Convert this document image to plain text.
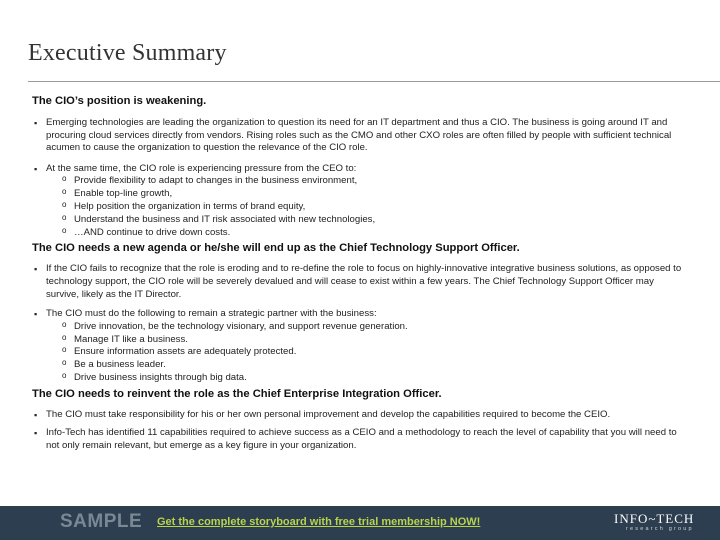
Executive Summary
The CIO’s position is weakening.
▪ Emerging technologies are leading the organization to question its need for an IT department and thus a CIO. The business is going around IT and procuring cloud services directly from vendors. Rising roles such as the CMO and other CXO roles are often filled by people with sufficient technical acumen to cause the organization to question the relevance of the CIO role.
▪ At the same time, the CIO role is experiencing pressure from the CEO to:
o Provide flexibility to adapt to changes in the business environment,
o Enable top-line growth,
o Help position the organization in terms of brand equity,
o Understand the business and IT risk associated with new technologies,
o …AND continue to drive down costs.
The CIO needs a new agenda or he/she will end up as the Chief Technology Support Officer.
▪ If the CIO fails to recognize that the role is eroding and to re-define the role to focus on highly-innovative integrative business solutions, as opposed to technology support, the CIO role will be severely devalued and will cease to exist within a few years. The Chief Technology Support Officer may survive, likely as the IT Director.
▪ The CIO must do the following to remain a strategic partner with the business:
o Drive innovation, be the technology visionary, and support revenue generation.
o Manage IT like a business.
o Ensure information assets are adequately protected.
o Be a business leader.
o Drive business insights through big data.
The CIO needs to reinvent the role as the Chief Enterprise Integration Officer.
▪ The CIO must take responsibility for his or her own personal improvement and develop the capabilities required to become the CEIO.
▪ Info-Tech has identified 11 capabilities required to achieve success as a CEIO and a methodology to reach the level of capability that you will need to not only remain relevant, but emerge as a key figure in your organization.
SAMPLE Get the complete storyboard with free trial membership NOW!	INFO~TECH
research group
